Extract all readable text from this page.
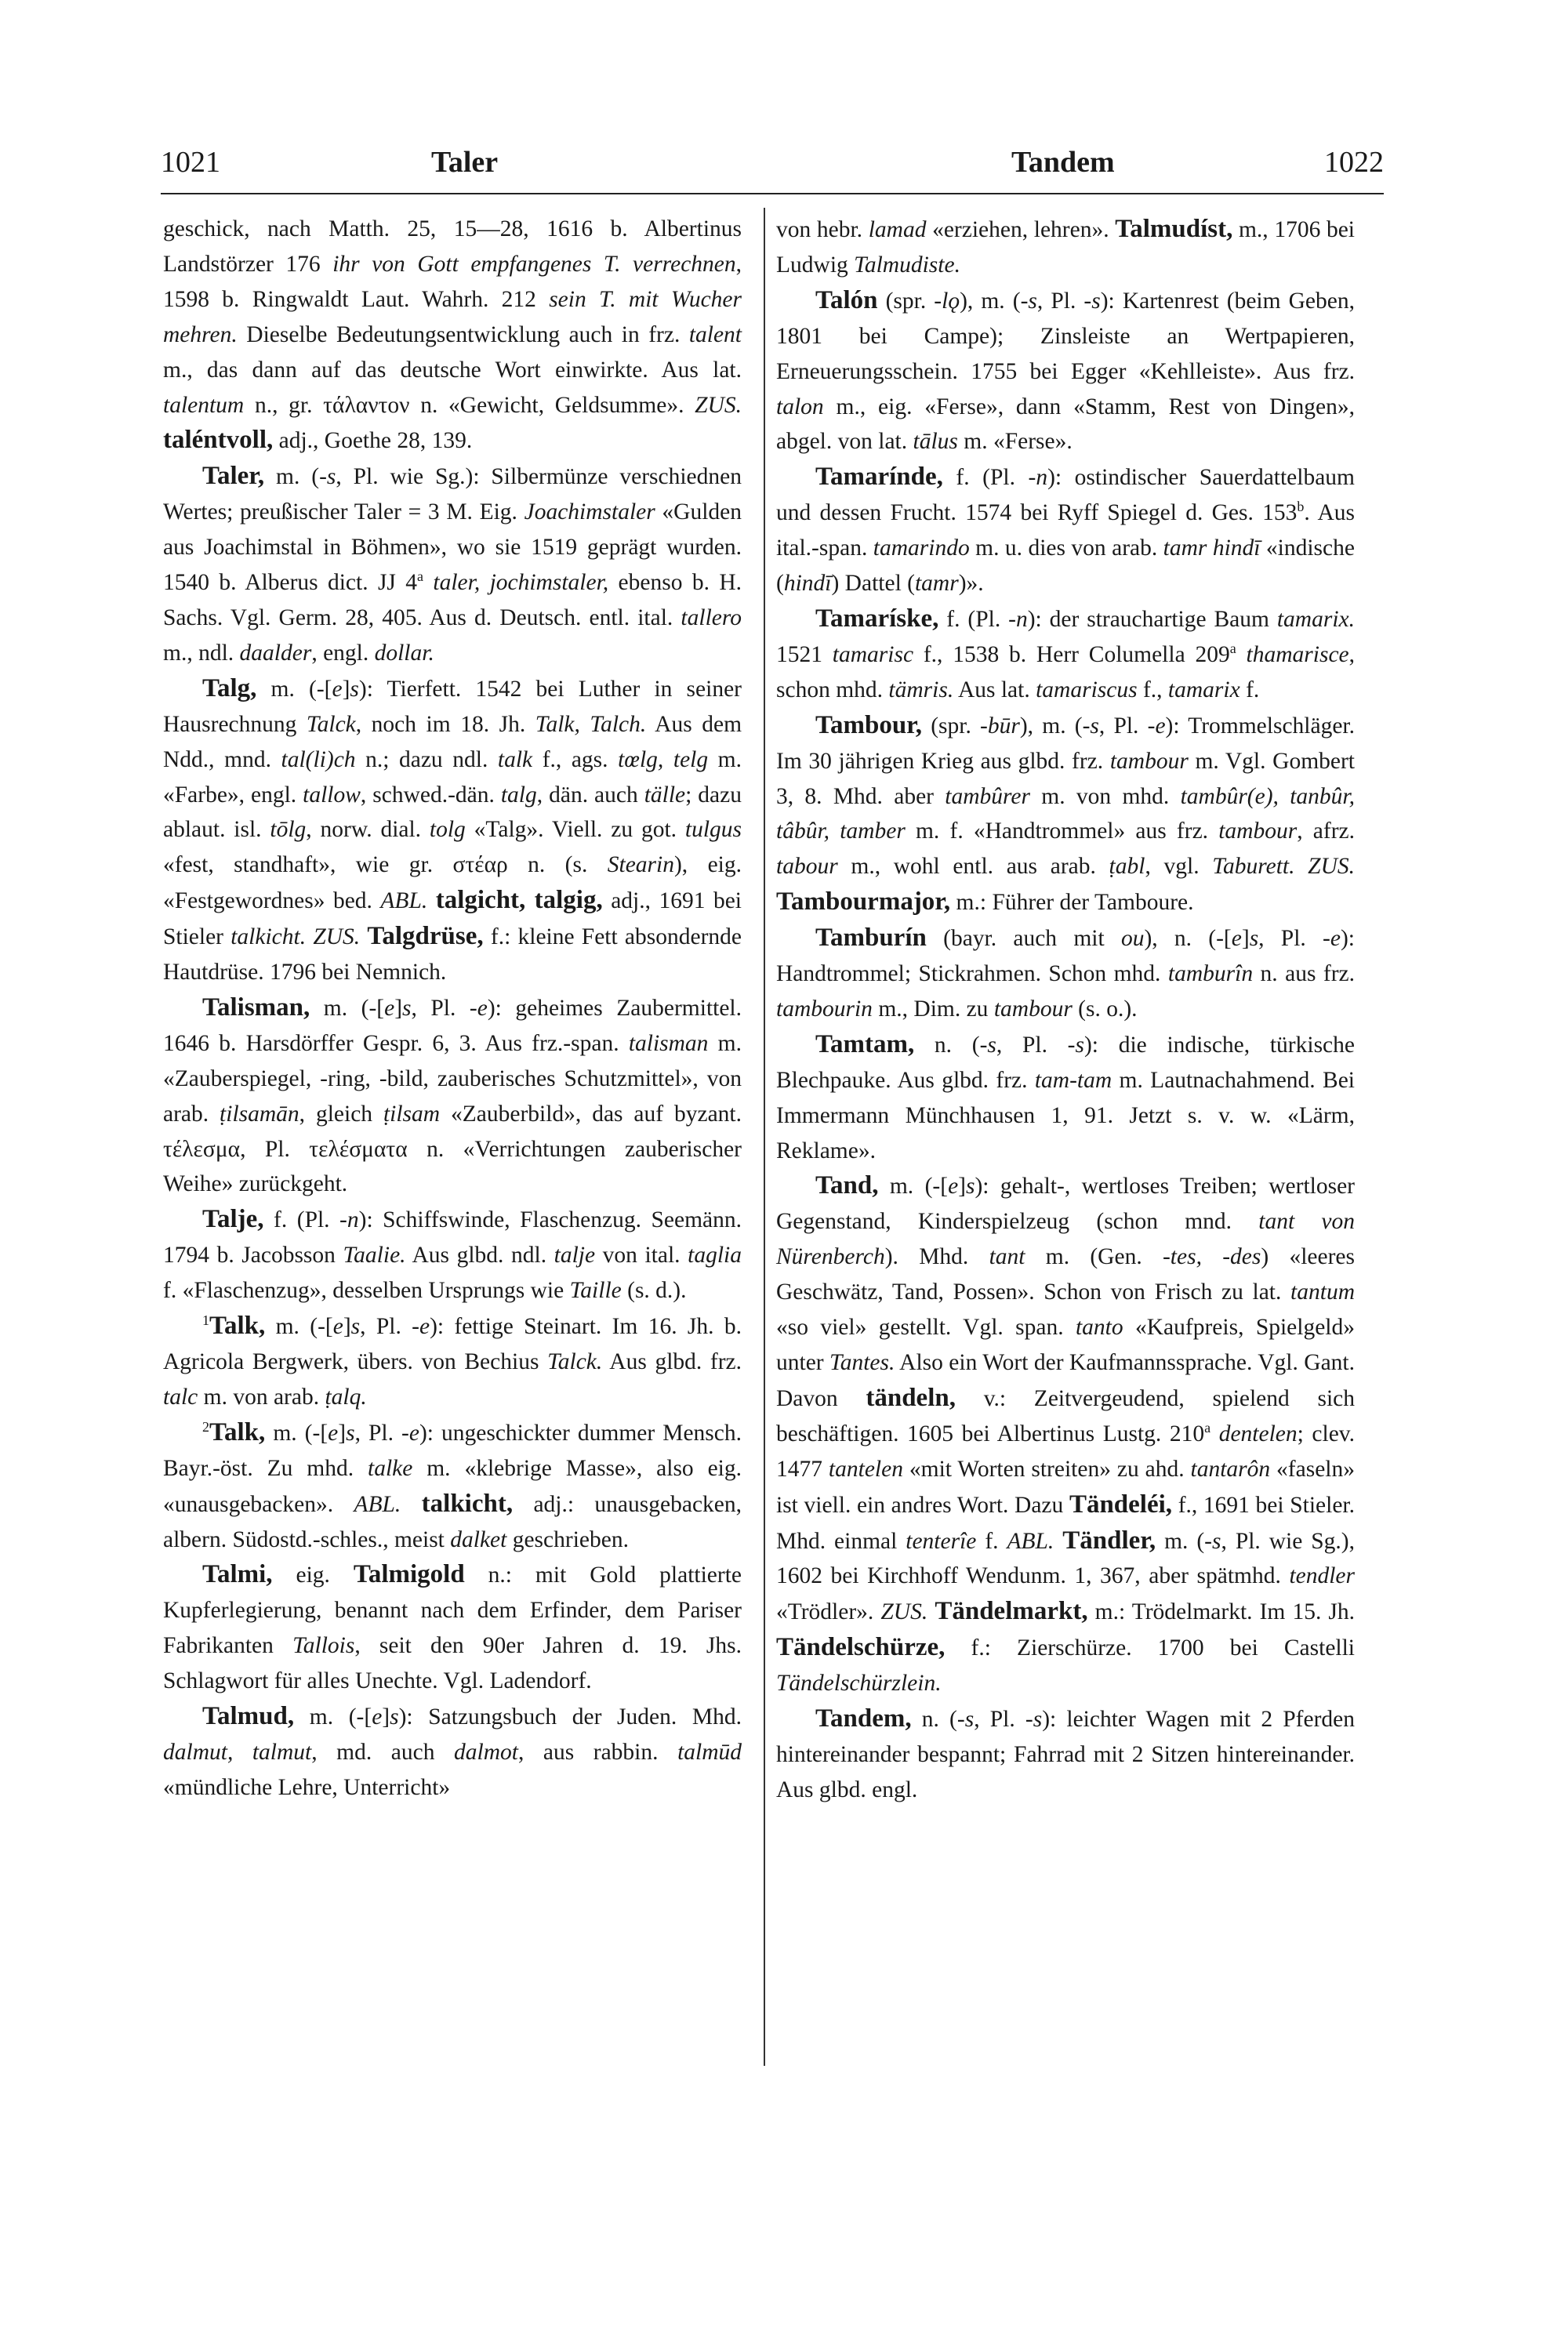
1021	Taler	Tandem	1022

geschick, nach Matth. 25, 15—28, 1616 b. Albertinus Landstörzer 176 ihr von Gott empfangenes T. verrechnen, 1598 b. Ringwaldt Laut. Wahrh. 212 sein T. mit Wucher mehren. Dieselbe Bedeutungsentwicklung auch in frz. talent m., das dann auf das deutsche Wort einwirkte. Aus lat. talentum n., gr. τάλαντον n. «Gewicht, Geldsumme». ZUS. taléntvoll, adj., Goethe 28, 139.

Taler, m. (-s, Pl. wie Sg.): Silbermünze verschiednen Wertes; preußischer Taler = 3 M. Eig. Joachimstaler «Gulden aus Joachimstal in Böhmen», wo sie 1519 geprägt wurden. 1540 b. Alberus dict. JJ 4$^a$ taler, jochimstaler, ebenso b. H. Sachs. Vgl. Germ. 28, 405. Aus d. Deutsch. entl. ital. tallero m., ndl. daalder, engl. dollar.

Talg, m. (-[e]s): Tierfett. 1542 bei Luther in seiner Hausrechnung Talck, noch im 18. Jh. Talk, Talch. Aus dem Ndd., mnd. tal(li)ch n.; dazu ndl. talk f., ags. tœlg, telg m. «Farbe», engl. tallow, schwed.-dän. talg, dän. auch tälle; dazu ablaut. isl. tōlg, norw. dial. tolg «Talg». Viell. zu got. tulgus «fest, standhaft», wie gr. στέαρ n. (s. Stearin), eig. «Festgewordnes» bed. ABL. talgicht, talgig, adj., 1691 bei Stieler talkicht. ZUS. Talgdrüse, f.: kleine Fett absondernde Hautdrüse. 1796 bei Nemnich.

Talisman, m. (-[e]s, Pl. -e): geheimes Zaubermittel. 1646 b. Harsdörffer Gespr. 6, 3. Aus frz.-span. talisman m. «Zauberspiegel, -ring, -bild, zauberisches Schutzmittel», von arab. ṭilsamān, gleich ṭilsam «Zauberbild», das auf byzant. τέλεσμα, Pl. τελέσματα n. «Verrichtungen zauberischer Weihe» zurückgeht.

Talje, f. (Pl. -n): Schiffswinde, Flaschenzug. Seemänn. 1794 b. Jacobsson Taalie. Aus glbd. ndl. talje von ital. taglia f. «Flaschenzug», desselben Ursprungs wie Taille (s. d.).

$^1$Talk, m. (-[e]s, Pl. -e): fettige Steinart. Im 16. Jh. b. Agricola Bergwerk, übers. von Bechius Talck. Aus glbd. frz. talc m. von arab. ṭalq.

$^2$Talk, m. (-[e]s, Pl. -e): ungeschickter dummer Mensch. Bayr.-öst. Zu mhd. talke m. «klebrige Masse», also eig. «unausgebacken». ABL. talkicht, adj.: unausgebacken, albern. Südostd.-schles., meist dalket geschrieben.

Talmi, eig. Talmigold n.: mit Gold plattierte Kupferlegierung, benannt nach dem Erfinder, dem Pariser Fabrikanten Tallois, seit den 90er Jahren d. 19. Jhs. Schlagwort für alles Unechte. Vgl. Ladendorf.

Talmud, m. (-[e]s): Satzungsbuch der Juden. Mhd. dalmut, talmut, md. auch dalmot, aus rabbin. talmūd «mündliche Lehre, Unterricht»

von hebr. lamad «erziehen, lehren». Talmudíst, m., 1706 bei Ludwig Talmudiste.

Talón (spr. -lǫ), m. (-s, Pl. -s): Kartenrest (beim Geben, 1801 bei Campe); Zinsleiste an Wertpapieren, Erneuerungsschein. 1755 bei Egger «Kehlleiste». Aus frz. talon m., eig. «Ferse», dann «Stamm, Rest von Dingen», abgel. von lat. tālus m. «Ferse».

Tamarínde, f. (Pl. -n): ostindischer Sauerdattelbaum und dessen Frucht. 1574 bei Ryff Spiegel d. Ges. 153$^b$. Aus ital.-span. tamarindo m. u. dies von arab. tamr hindī «indische (hindī) Dattel (tamr)».

Tamaríske, f. (Pl. -n): der strauchartige Baum tamarix. 1521 tamarisc f., 1538 b. Herr Columella 209$^a$ thamarisce, schon mhd. tämris. Aus lat. tamariscus f., tamarix f.

Tambour, (spr. -būr), m. (-s, Pl. -e): Trommelschläger. Im 30 jährigen Krieg aus glbd. frz. tambour m. Vgl. Gombert 3, 8. Mhd. aber tambûrer m. von mhd. tambûr(e), tanbûr, tâbûr, tamber m. f. «Handtrommel» aus frz. tambour, afrz. tabour m., wohl entl. aus arab. ṭabl, vgl. Taburett. ZUS. Tambourmajor, m.: Führer der Tamboure.

Tamburín (bayr. auch mit ou), n. (-[e]s, Pl. -e): Handtrommel; Stickrahmen. Schon mhd. tamburîn n. aus frz. tambourin m., Dim. zu tambour (s. o.).

Tamtam, n. (-s, Pl. -s): die indische, türkische Blechpauke. Aus glbd. frz. tam-tam m. Lautnachahmend. Bei Immermann Münchhausen 1, 91. Jetzt s. v. w. «Lärm, Reklame».

Tand, m. (-[e]s): gehalt-, wertloses Treiben; wertloser Gegenstand, Kinderspielzeug (schon mnd. tant von Nürenberch). Mhd. tant m. (Gen. -tes, -des) «leeres Geschwätz, Tand, Possen». Schon von Frisch zu lat. tantum «so viel» gestellt. Vgl. span. tanto «Kaufpreis, Spielgeld» unter Tantes. Also ein Wort der Kaufmannssprache. Vgl. Gant. Davon tändeln, v.: Zeitvergeudend, spielend sich beschäftigen. 1605 bei Albertinus Lustg. 210$^a$ dentelen; clev. 1477 tantelen «mit Worten streiten» zu ahd. tantarôn «faseln» ist viell. ein andres Wort. Dazu Tändeléi, f., 1691 bei Stieler. Mhd. einmal tenterîe f. ABL. Tändler, m. (-s, Pl. wie Sg.), 1602 bei Kirchhoff Wendunm. 1, 367, aber spätmhd. tendler «Trödler». ZUS. Tändelmarkt, m.: Trödelmarkt. Im 15. Jh. Tändelschürze, f.: Zierschürze. 1700 bei Castelli Tändelschürzlein.

Tandem, n. (-s, Pl. -s): leichter Wagen mit 2 Pferden hintereinander bespannt; Fahrrad mit 2 Sitzen hintereinander. Aus glbd. engl.
